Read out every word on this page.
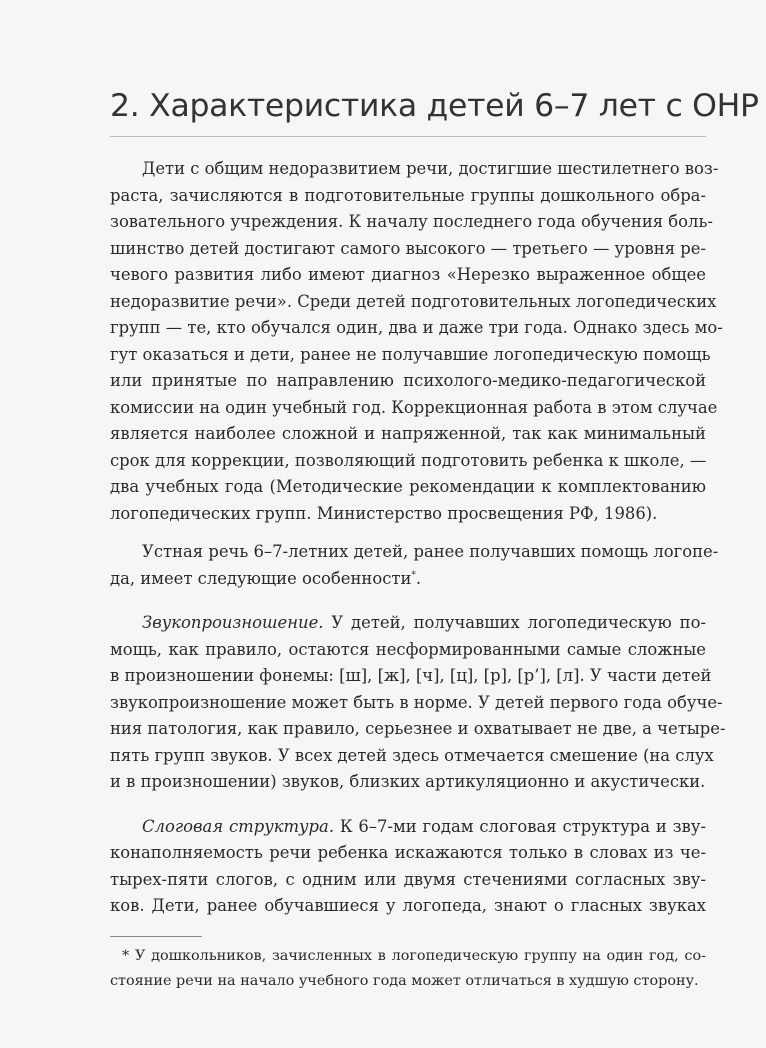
2. Характеристика детей 6–7 лет с ОНР
Дети с общим недоразвитием речи, достигшие шестилетнего воз-
раста, зачисляются в подготовительные группы дошкольного обра-
зовательного учреждения. К началу последнего года обучения боль-
шинство детей достигают самого высокого — третьего — уровня ре-
чевого развития либо имеют диагноз «Нерезко выраженное общее
недоразвитие речи». Среди детей подготовительных логопедических
групп — те, кто обучался один, два и даже три года. Однако здесь мо-
гут оказаться и дети, ранее не получавшие логопедическую помощь
или принятые по направлению психолого-медико-педагогической
комиссии на один учебный год. Коррекционная работа в этом случае
является наиболее сложной и напряженной, так как минимальный
срок для коррекции, позволяющий подготовить ребенка к школе, —
два учебных года (Методические рекомендации к комплектованию
логопедических групп. Министерство просвещения РФ, 1986).
Устная речь 6–7-летних детей, ранее получавших помощь логопе-
да, имеет следующие особенности*.
Звукопроизношение. У детей, получавших логопедическую по-
мощь, как правило, остаются несформированными самые сложные
в произношении фонемы: [ш], [ж], [ч], [ц], [р], [р’], [л]. У части детей
звукопроизношение может быть в норме. У детей первого года обуче-
ния патология, как правило, серьезнее и охватывает не две, а четыре-
пять групп звуков. У всех детей здесь отмечается смешение (на слух
и в произношении) звуков, близких артикуляционно и акустически.
Слоговая структура. К 6–7-ми годам слоговая структура и зву-
конаполняемость речи ребенка искажаются только в словах из че-
тырех-пяти слогов, с одним или двумя стечениями согласных зву-
ков. Дети, ранее обучавшиеся у логопеда, знают о гласных звуках
* У дошкольников, зачисленных в логопедическую группу на один год, со-
стояние речи на начало учебного года может отличаться в худшую сторону.
